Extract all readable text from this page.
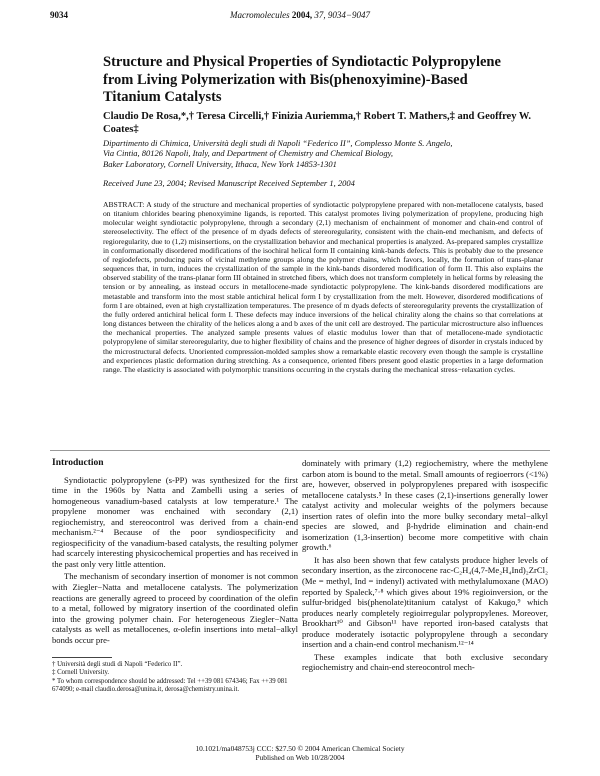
9034	Macromolecules 2004, 37, 9034−9047
Structure and Physical Properties of Syndiotactic Polypropylene from Living Polymerization with Bis(phenoxyimine)-Based Titanium Catalysts
Claudio De Rosa,*,† Teresa Circelli,† Finizia Auriemma,† Robert T. Mathers,‡ and Geoffrey W. Coates‡
Dipartimento di Chimica, Università degli studi di Napoli “Federico II”, Complesso Monte S. Angelo,
Via Cintia, 80126 Napoli, Italy, and Department of Chemistry and Chemical Biology,
Baker Laboratory, Cornell University, Ithaca, New York 14853-1301
Received June 23, 2004; Revised Manuscript Received September 1, 2004
ABSTRACT: A study of the structure and mechanical properties of syndiotactic polypropylene prepared with non-metallocene catalysts, based on titanium chlorides bearing phenoxyimine ligands, is reported. This catalyst promotes living polymerization of propylene, producing high molecular weight syndiotactic polypropylene, through a secondary (2,1) mechanism of enchainment of monomer and chain-end control of stereoselectivity. The effect of the presence of m dyads defects of stereoregularity, consistent with the chain-end mechanism, and defects of regioregularity, due to (1,2) misinsertions, on the crystallization behavior and mechanical properties is analyzed. As-prepared samples crystallize in conformationally disordered modifications of the isochiral helical form II containing kink-bands defects. This is probably due to the presence of regiodefects, producing pairs of vicinal methylene groups along the polymer chains, which favors, locally, the formation of trans-planar sequences that, in turn, induces the crystallization of the sample in the kink-bands disordered modification of form II. This also explains the observed stability of the trans-planar form III obtained in stretched fibers, which does not transform completely in helical forms by releasing the tension or by annealing, as instead occurs in metallocene-made syndiotactic polypropylene. The kink-bands disordered modifications are metastable and transform into the most stable antichiral helical form I by crystallization from the melt. However, disordered modifications of form I are obtained, even at high crystallization temperatures. The presence of m dyads defects of stereoregularity prevents the crystallization of the fully ordered antichiral helical form I. These defects may induce inversions of the helical chirality along the chains so that correlations at long distances between the chirality of the helices along a and b axes of the unit cell are destroyed. The particular microstructure also influences the mechanical properties. The analyzed sample presents values of elastic modulus lower than that of metallocene-made syndiotactic polypropylene of similar stereoregularity, due to higher flexibility of chains and the presence of higher degrees of disorder in crystals induced by the microstructural defects. Unoriented compression-molded samples show a remarkable elastic recovery even though the sample is crystalline and experiences plastic deformation during stretching. As a consequence, oriented fibers present good elastic properties in a large deformation range. The elasticity is associated with polymorphic transitions occurring in the crystals during the mechanical stress−relaxation cycles.

Introduction

Syndiotactic polypropylene (s-PP) was synthesized for the first time in the 1960s by Natta and Zambelli using a series of homogeneous vanadium-based catalysts at low temperature.¹ The propylene monomer was enchained with secondary (2,1) regiochemistry, and stereocontrol was derived from a chain-end mechanism.²⁻⁴ Because of the poor syndiospecificity and regiospecificity of the vanadium-based catalysts, the resulting polymer had scarcely interesting physicochemical properties and has received in the past only very little attention.

The mechanism of secondary insertion of monomer is not common with Ziegler−Natta and metallocene catalysts. The polymerization reactions are generally agreed to proceed by coordination of the olefin to a metal, followed by migratory insertion of the coordinated olefin into the growing polymer chain. For heterogeneous Ziegler−Natta catalysts as well as metallocenes, α-olefin insertions into metal−alkyl bonds occur pre-

dominately with primary (1,2) regiochemistry, where the methylene carbon atom is bound to the metal. Small amounts of regioerrors (<1%) are, however, observed in polypropylenes prepared with isospecific metallocene catalysts.⁵ In these cases (2,1)-insertions generally lower catalyst activity and molecular weights of the polymers because insertion rates of olefin into the more bulky secondary metal−alkyl species are slowed, and β-hydride elimination and chain-end isomerization (1,3-insertion) become more competitive with chain growth.⁶

It has also been shown that few catalysts produce higher levels of secondary insertion, as the zirconocene rac-C₂H₄(4,7-Me₂H₄Ind)₂ZrCl₂ (Me = methyl, Ind = indenyl) activated with methylalumoxane (MAO) reported by Spaleck,⁷·⁸ which gives about 19% regioinversion, or the sulfur-bridged bis(phenolate)titanium catalyst of Kakugo,⁹ which produces nearly completely regioirregular polypropylenes. Moreover, Brookhart¹⁰ and Gibson¹¹ have reported iron-based catalysts that produce moderately isotactic polypropylene through a secondary insertion and a chain-end control mechanism.¹²⁻¹⁴

These examples indicate that both exclusive secondary regiochemistry and chain-end stereocontrol mech-

† Università degli studi di Napoli “Federico II”.
‡ Cornell University.
* To whom correspondence should be addressed: Tel ++39 081 674346; Fax ++39 081 674090; e-mail claudio.derosa@unina.it, derosa@chemistry.unina.it.
10.1021/ma048753j CCC: $27.50 © 2004 American Chemical Society
Published on Web 10/28/2004
